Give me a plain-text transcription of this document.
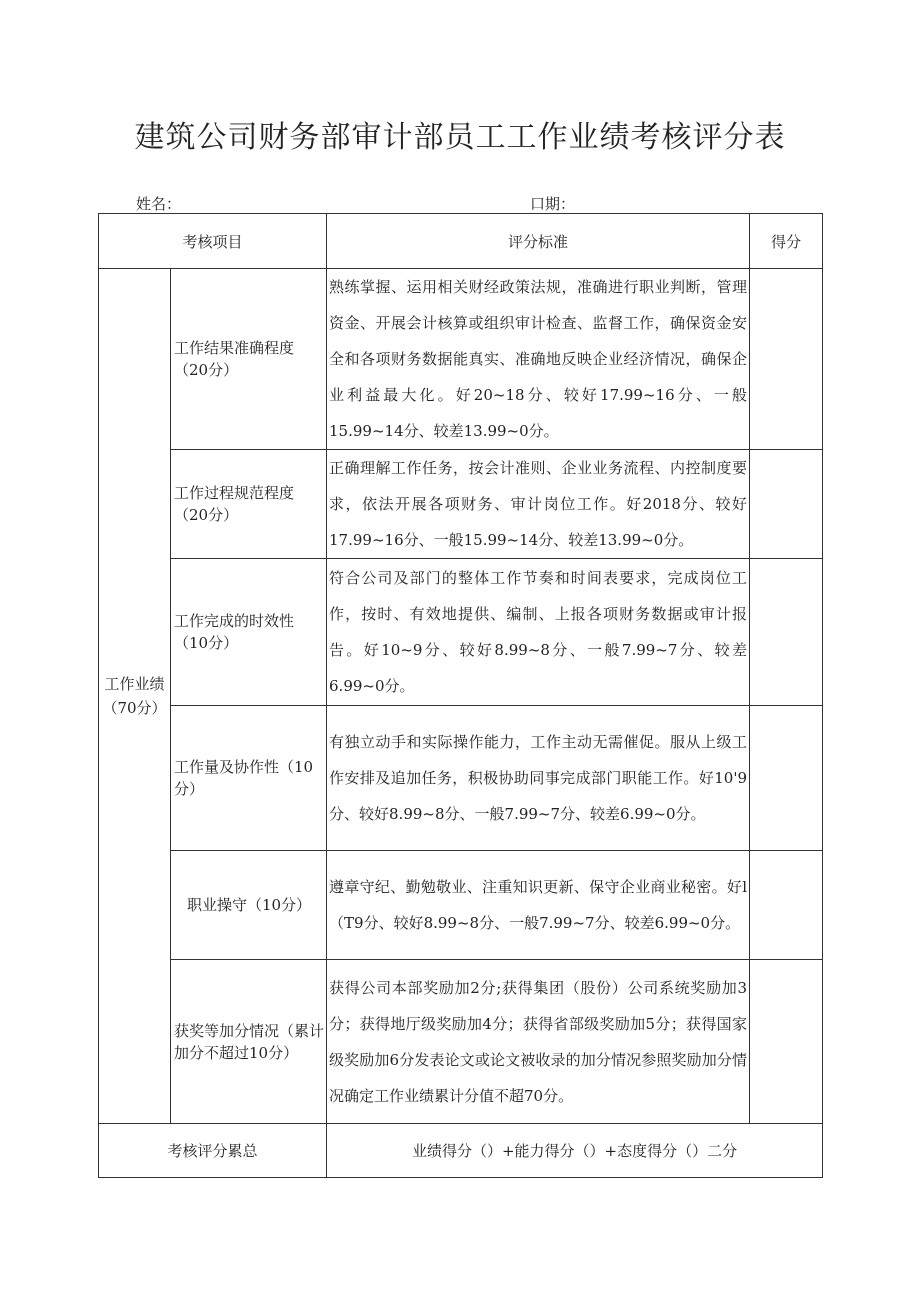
建筑公司财务部审计部员工工作业绩考核评分表
姓名：	口期：
考核项目		评分标准	得分

工作业绩
（70分）	工作结果准确程度（20分）	熟练掌握、运用相关财经政策法规，准确进行职业判断，管理资金、开展会计核算或组织审计检查、监督工作，确保资金安全和各项财务数据能真实、准确地反映企业经济情况，确保企业利益最大化。好20~18分、较好17.99~16分、一般15.99~14分、较差13.99~0分。	
	工作过程规范程度（20分）	正确理解工作任务，按会计准则、企业业务流程、内控制度要求，依法开展各项财务、审计岗位工作。好2018分、较好17.99~16分、一般15.99~14分、较差13.99~0分。	
	工作完成的时效性（10分）	符合公司及部门的整体工作节奏和时间表要求，完成岗位工作，按时、有效地提供、编制、上报各项财务数据或审计报告。好10~9分、较好8.99~8分、一般7.99~7分、较差6.99~0分。	
	工作量及协作性（10分）	有独立动手和实际操作能力，工作主动无需催促。服从上级工作安排及追加任务，积极协助同事完成部门职能工作。好10'9分、较好8.99~8分、一般7.99~7分、较差6.99~0分。	
	职业操守（10分）	遵章守纪、勤勉敬业、注重知识更新、保守企业商业秘密。好l（T9分、较好8.99~8分、一般7.99~7分、较差6.99~0分。	
	获奖等加分情况（累计加分不超过10分）	获得公司本部奖励加2分;获得集团（股份）公司系统奖励加3分；获得地厅级奖励加4分；获得省部级奖励加5分；获得国家级奖励加6分发表论文或论文被收录的加分情况参照奖励加分情况确定工作业绩累计分值不超70分。	
考核评分累总		业绩得分（）+能力得分（）+态度得分（）二分	
